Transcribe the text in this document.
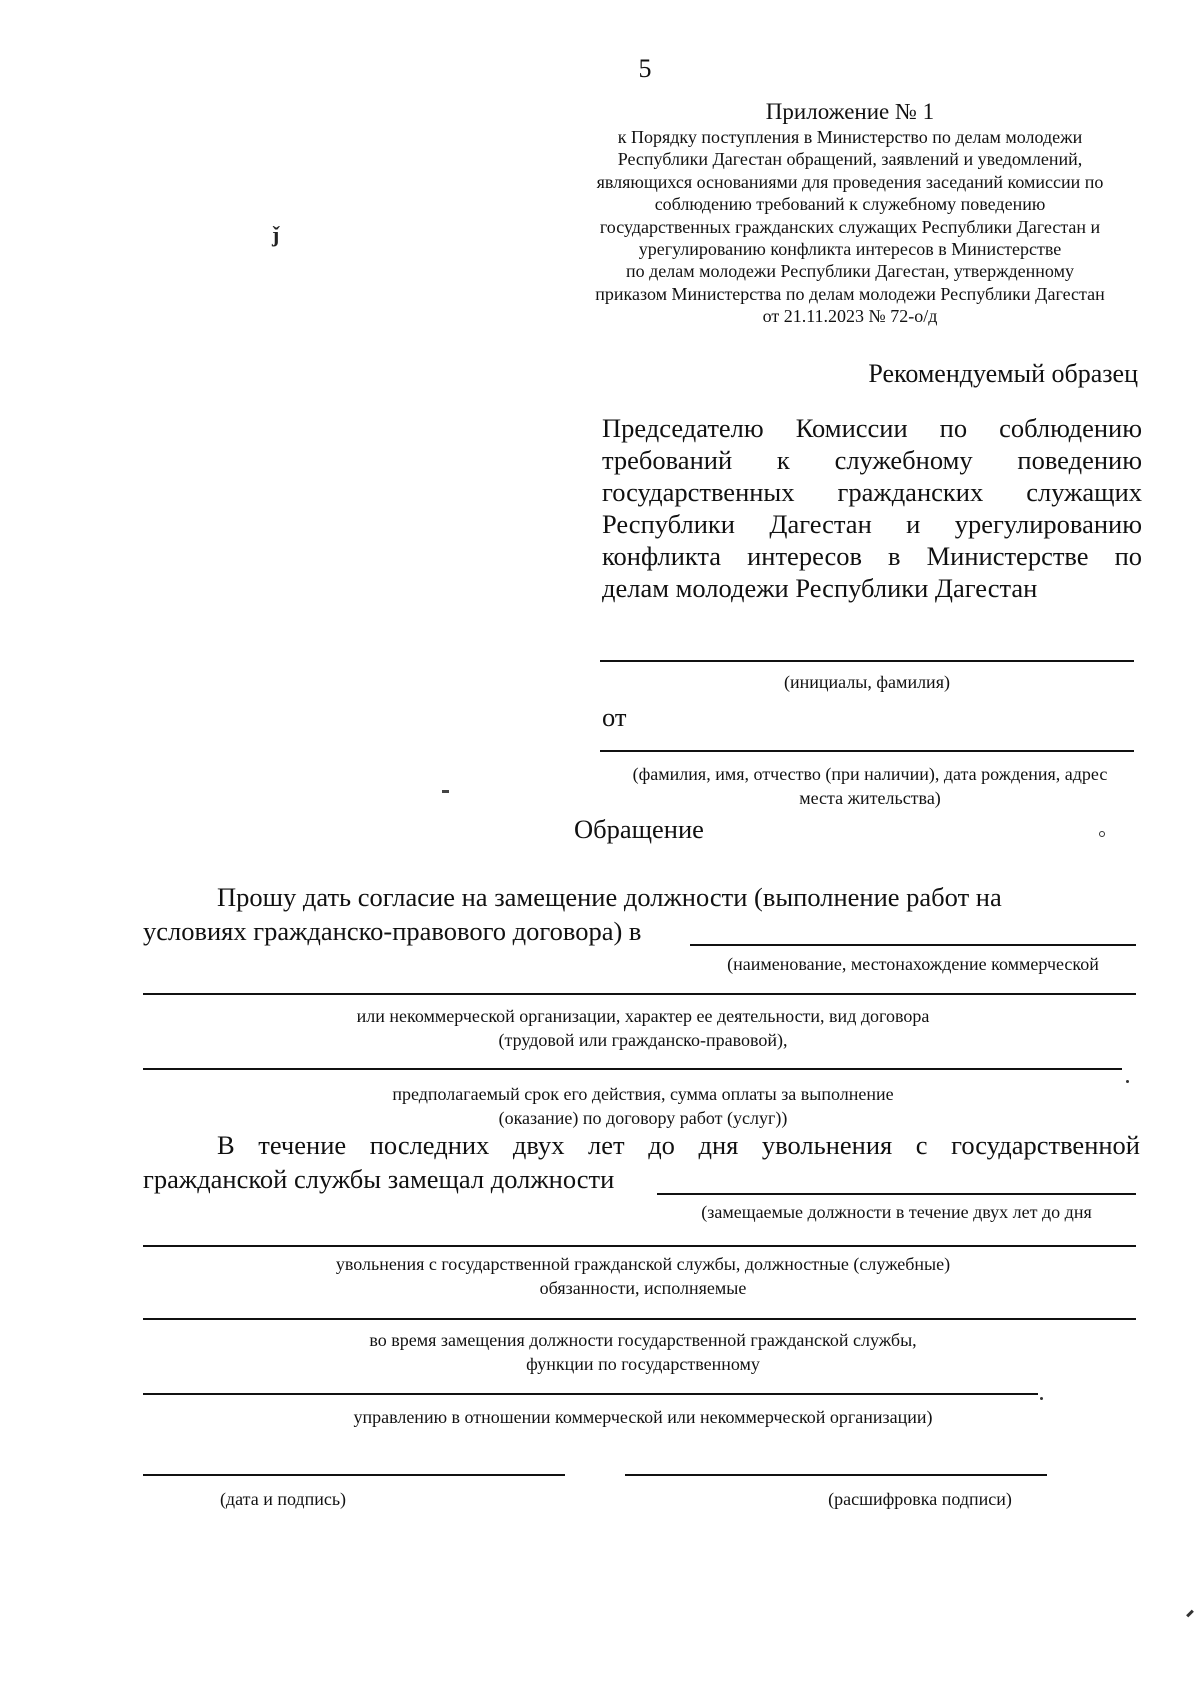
5
Приложение № 1
к Порядку поступления в Министерство по делам молодежи
Республики Дагестан обращений, заявлений и уведомлений,
являющихся основаниями для проведения заседаний комиссии по
соблюдению требований к служебному поведению
государственных гражданских служащих Республики Дагестан и
урегулированию конфликта интересов в Министерстве
по делам молодежи Республики Дагестан, утвержденному
приказом Министерства по делам молодежи Республики Дагестан
от 21.11.2023 № 72-о/д
Рекомендуемый образец
Председателю Комиссии по соблюдению
требований к служебному поведению
государственных гражданских служащих
Республики Дагестан и урегулированию
конфликта интересов в Министерстве по
делам молодежи Республики Дагестан
(инициалы, фамилия)
от
(фамилия, имя, отчество (при наличии), дата рождения, адрес
места жительства)
Обращение
Прошу дать согласие на замещение должности (выполнение работ на
условиях гражданско-правового договора) в
(наименование, местонахождение коммерческой
или некоммерческой организации, характер ее деятельности, вид договора
(трудовой или гражданско-правовой),
предполагаемый срок его действия, сумма оплаты за выполнение
(оказание) по договору работ (услуг))
В течение последних двух лет до дня увольнения с государственной
гражданской службы замещал должности
(замещаемые должности в течение двух лет до дня
увольнения с государственной гражданской службы, должностные (служебные)
обязанности, исполняемые
во время замещения должности государственной гражданской службы,
функции по государственному
управлению в отношении коммерческой или некоммерческой организации)
(дата и подпись)	(расшифровка подписи)
ǰ
